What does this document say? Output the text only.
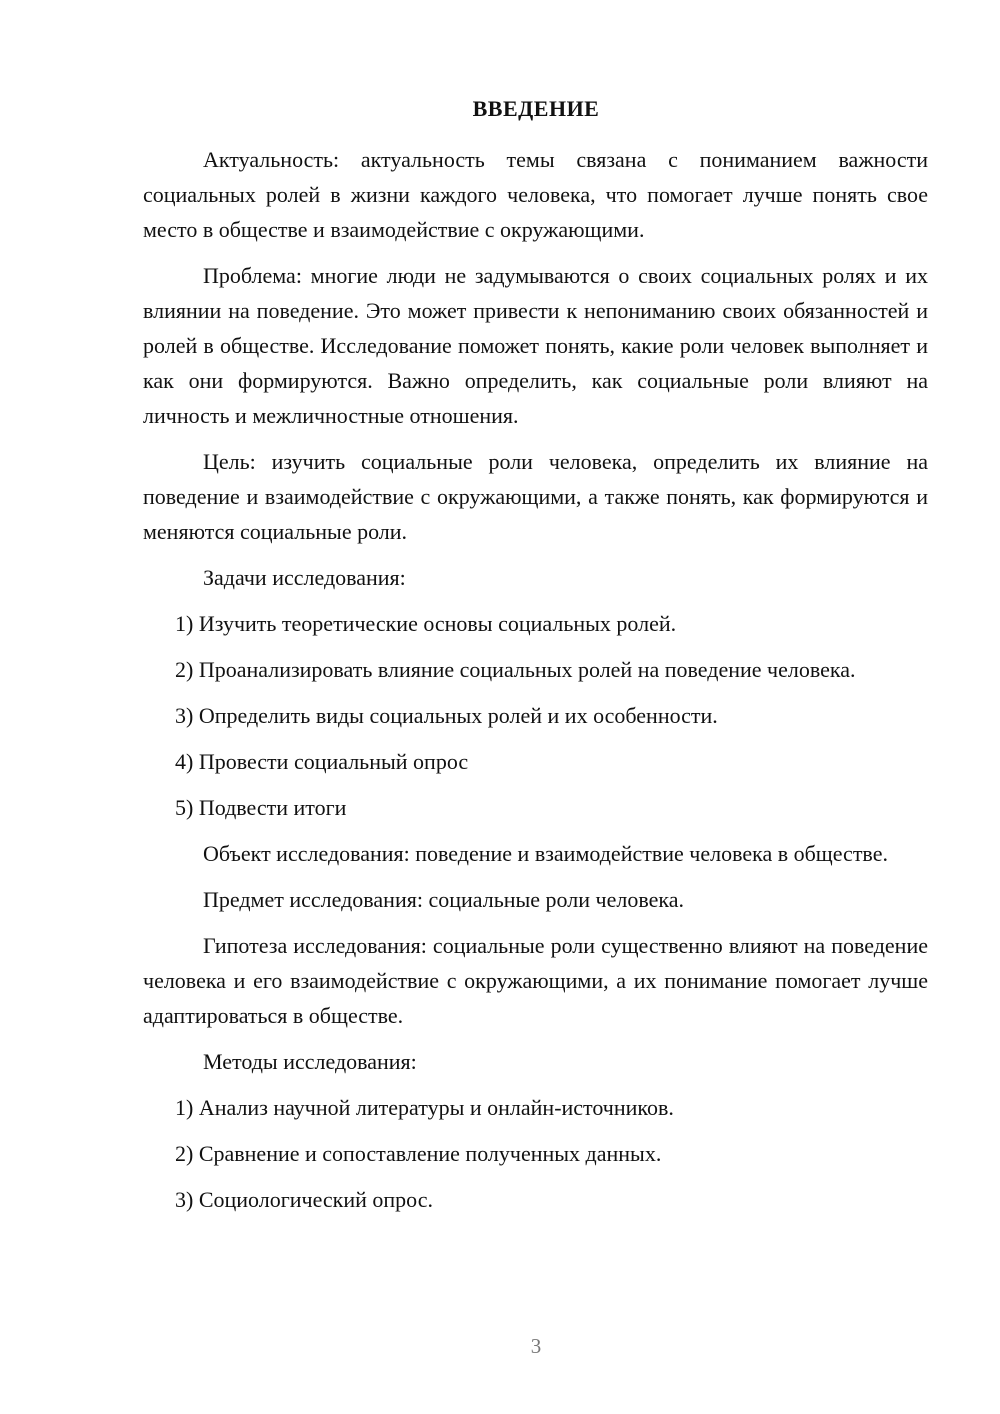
ВВЕДЕНИЕ

Актуальность: актуальность темы связана с пониманием важности социальных ролей в жизни каждого человека, что помогает лучше понять свое место в обществе и взаимодействие с окружающими.

Проблема: многие люди не задумываются о своих социальных ролях и их влиянии на поведение. Это может привести к непониманию своих обязанностей и ролей в обществе. Исследование поможет понять, какие роли человек выполняет и как они формируются. Важно определить, как социальные роли влияют на личность и межличностные отношения.

Цель: изучить социальные роли человека, определить их влияние на поведение и взаимодействие с окружающими, а также понять, как формируются и меняются социальные роли.

Задачи исследования:

1) Изучить теоретические основы социальных ролей.

2) Проанализировать влияние социальных ролей на поведение человека.

3) Определить виды социальных ролей и их особенности.

4) Провести социальный опрос

5) Подвести итоги

Объект исследования: поведение и взаимодействие человека в обществе.

Предмет исследования: социальные роли человека.

Гипотеза исследования: социальные роли существенно влияют на поведение человека и его взаимодействие с окружающими, а их понимание помогает лучше адаптироваться в обществе.

Методы исследования:

1) Анализ научной литературы и онлайн-источников.

2) Сравнение и сопоставление полученных данных.

3) Социологический опрос.

3
